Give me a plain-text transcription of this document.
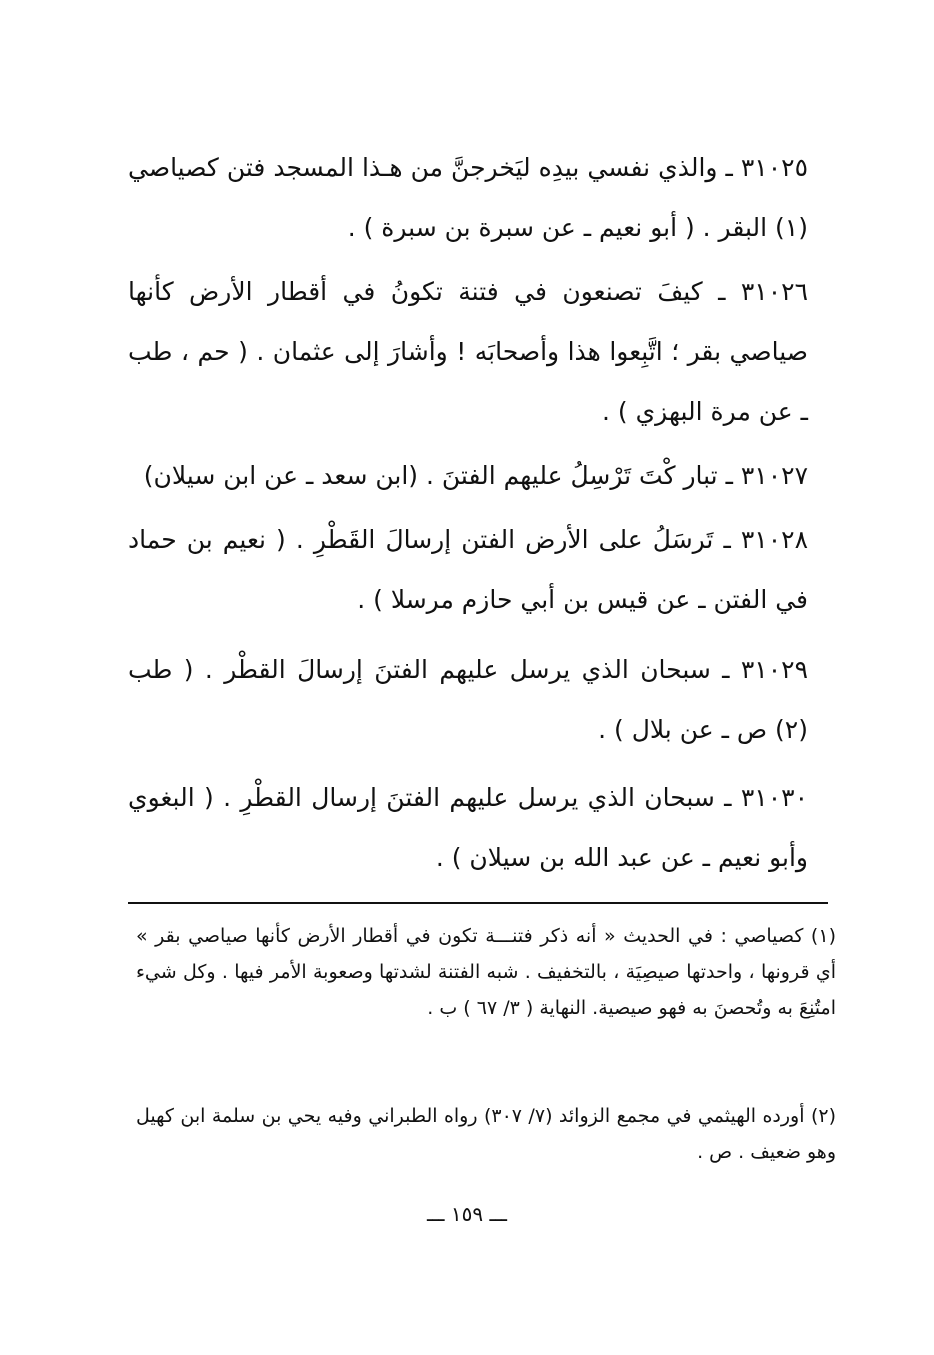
٣١٠٢٥ ـ والذي نفسي بيدِه ليَخرجنَّ من هـذا المسجد فتن كصياصي (١) البقر . ( أبو نعيم ـ عن سبرة بن سبرة ) .
٣١٠٢٦ ـ كيفَ تصنعون في فتنة تكونُ في أقطار الأرض كأنها صياصي بقر ؛ اتَّبِعوا هذا وأصحابَه ! وأشارَ إلى عثمان . ( حم ، طب ـ عن مرة البهزي ) .
٣١٠٢٧ ـ تبار كْتَ تَرْسِلُ عليهم الفتنَ . (ابن سعد ـ عن ابن سيلان)
٣١٠٢٨ ـ تَرسَلُ على الأرض الفتن إرسالَ القَطْرِ . ( نعيم بن حماد في الفتن ـ عن قيس بن أبي حازم مرسلا ) .
٣١٠٢٩ ـ سبحان الذي يرسل عليهم الفتنَ إرسالَ القطْر . ( طب (٢) ص ـ عن بلال ) .
٣١٠٣٠ ـ سبحان الذي يرسل عليهم الفتنَ إرسال القطْرِ . ( البغوي وأبو نعيم ـ عن عبد الله بن سيلان ) .
(١) كصياصي : في الحديث « أنه ذكر فتنـــة تكون في أقطار الأرض كأنها صياصي بقر » أي قرونها ، واحدتها صيصِيَة ، بالتخفيف . شبه الفتنة لشدتها وصعوبة الأمر فيها . وكل شيء امتُنِعَ به وتُحصنَ به فهو صيصية. النهاية ( ٣/ ٦٧ ) ب .
(٢) أورده الهيثمي في مجمع الزوائد (٧/ ٣٠٧) رواه الطبراني وفيه يحي بن سلمة ابن كهيل وهو ضعيف . ص .
ـــ ١٥٩ ـــ
